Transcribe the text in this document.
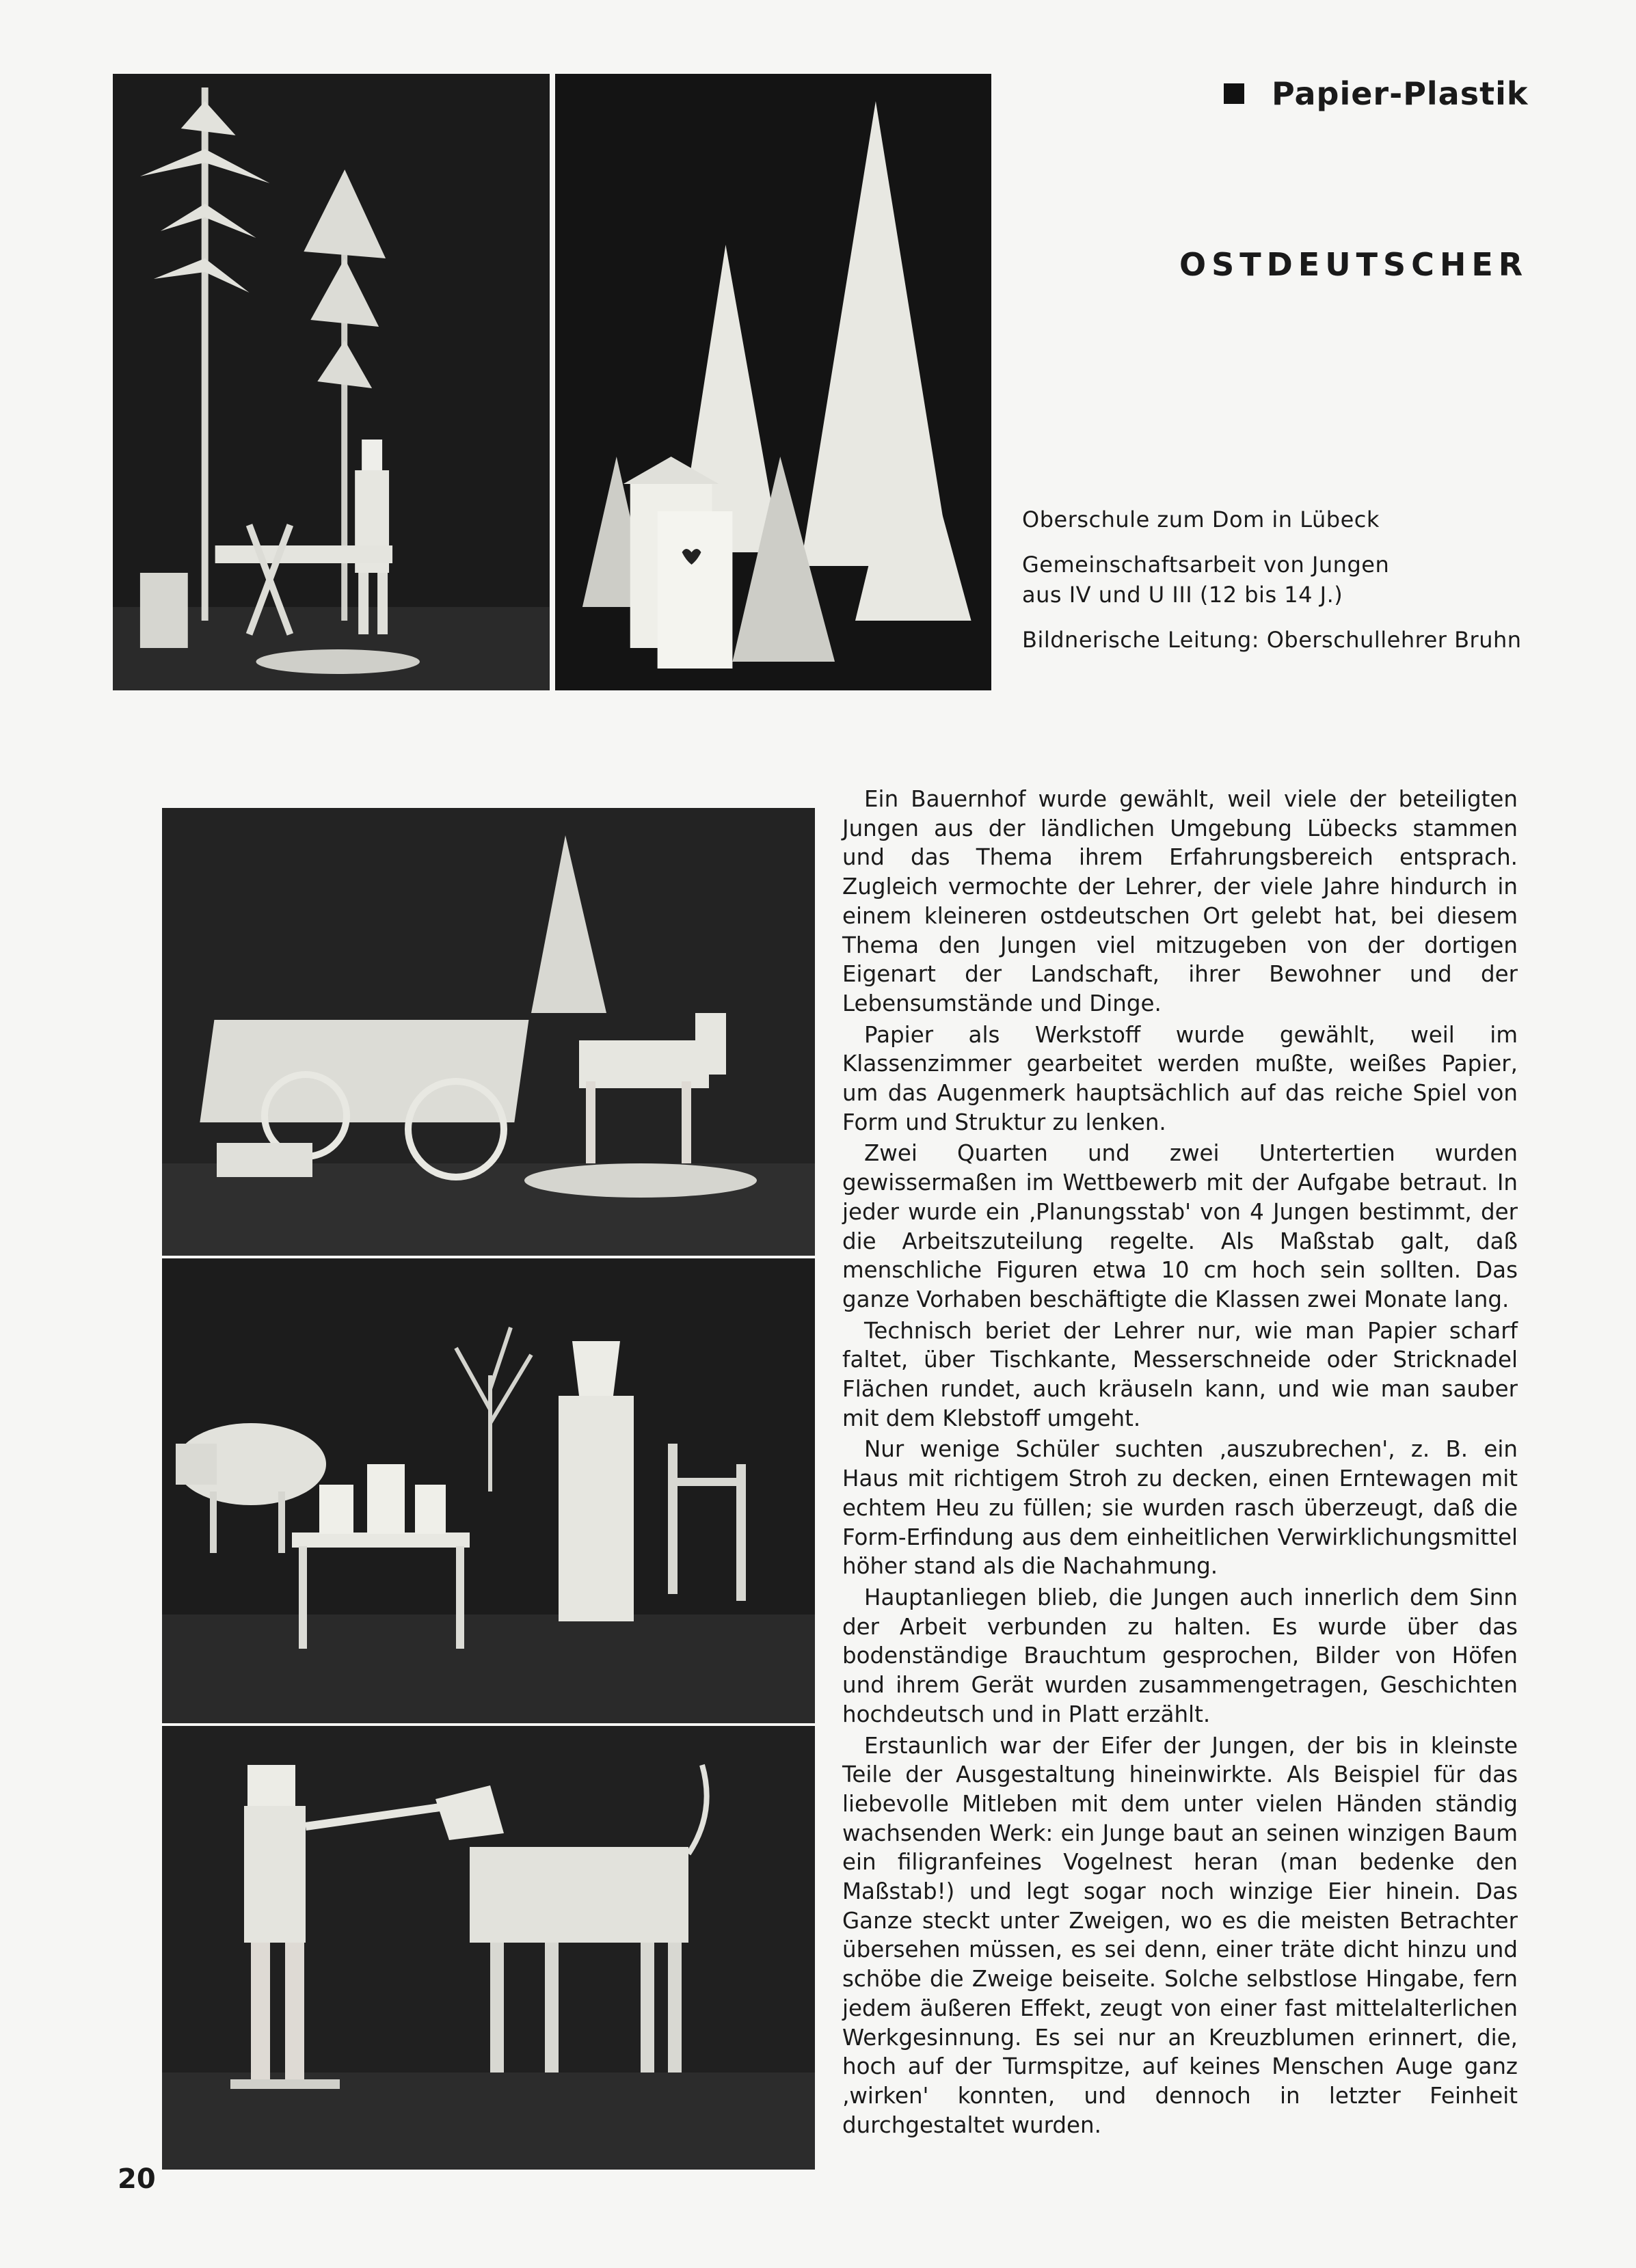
Papier-Plastik
OSTDEUTSCHER

Oberschule zum Dom in Lübeck

Gemeinschaftsarbeit von Jungen

aus IV und U III (12 bis 14 J.)

Bildnerische Leitung: Oberschullehrer Bruhn

Ein Bauernhof wurde gewählt, weil viele der beteiligten Jungen aus der ländlichen Umgebung Lübecks stammen und das Thema ihrem Erfahrungsbereich entsprach. Zugleich vermochte der Lehrer, der viele Jahre hindurch in einem kleineren ostdeutschen Ort gelebt hat, bei diesem Thema den Jungen viel mitzugeben von der dortigen Eigenart der Landschaft, ihrer Bewohner und der Lebensumstände und Dinge.

Papier als Werkstoff wurde gewählt, weil im Klassenzimmer gearbeitet werden mußte, weißes Papier, um das Augenmerk hauptsächlich auf das reiche Spiel von Form und Struktur zu lenken.

Zwei Quarten und zwei Untertertien wurden gewissermaßen im Wettbewerb mit der Aufgabe betraut. In jeder wurde ein ‚Planungsstab' von 4 Jungen bestimmt, der die Arbeitszuteilung regelte. Als Maßstab galt, daß menschliche Figuren etwa 10 cm hoch sein sollten. Das ganze Vorhaben beschäftigte die Klassen zwei Monate lang.

Technisch beriet der Lehrer nur, wie man Papier scharf faltet, über Tischkante, Messerschneide oder Stricknadel Flächen rundet, auch kräuseln kann, und wie man sauber mit dem Klebstoff umgeht.

Nur wenige Schüler suchten ‚auszubrechen', z. B. ein Haus mit richtigem Stroh zu decken, einen Erntewagen mit echtem Heu zu füllen; sie wurden rasch überzeugt, daß die Form-Erfindung aus dem einheitlichen Verwirklichungsmittel höher stand als die Nachahmung.

Hauptanliegen blieb, die Jungen auch innerlich dem Sinn der Arbeit verbunden zu halten. Es wurde über das bodenständige Brauchtum gesprochen, Bilder von Höfen und ihrem Gerät wurden zusammengetragen, Geschichten hochdeutsch und in Platt erzählt.

Erstaunlich war der Eifer der Jungen, der bis in kleinste Teile der Ausgestaltung hineinwirkte. Als Beispiel für das liebevolle Mitleben mit dem unter vielen Händen ständig wachsenden Werk: ein Junge baut an seinen winzigen Baum ein filigranfeines Vogelnest heran (man bedenke den Maßstab!) und legt sogar noch winzige Eier hinein. Das Ganze steckt unter Zweigen, wo es die meisten Betrachter übersehen müssen, es sei denn, einer träte dicht hinzu und schöbe die Zweige beiseite. Solche selbstlose Hingabe, fern jedem äußeren Effekt, zeugt von einer fast mittelalterlichen Werkgesinnung. Es sei nur an Kreuzblumen erinnert, die, hoch auf der Turmspitze, auf keines Menschen Auge ganz ‚wirken' konnten, und dennoch in letzter Feinheit durchgestaltet wurden.

20
